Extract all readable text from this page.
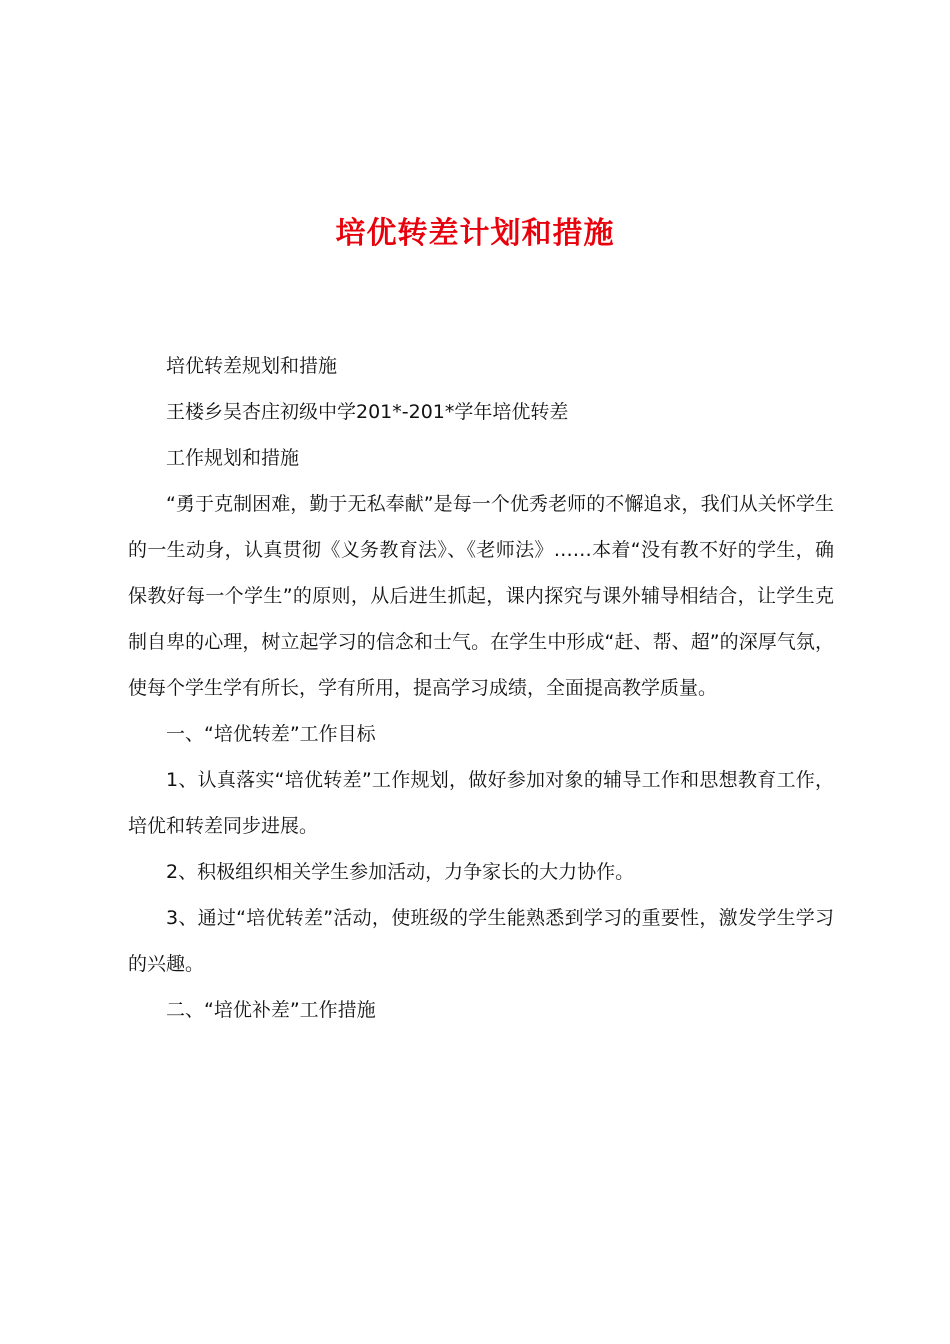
培优转差计划和措施

培优转差规划和措施

王楼乡吴杏庄初级中学201*-201*学年培优转差

工作规划和措施

“勇于克制困难，勤于无私奉献”是每一个优秀老师的不懈追求，我们从关怀学生的一生动身，认真贯彻《义务教育法》、《老师法》……本着“没有教不好的学生，确保教好每一个学生”的原则，从后进生抓起，课内探究与课外辅导相结合，让学生克制自卑的心理，树立起学习的信念和士气。在学生中形成“赶、帮、超”的深厚气氛，使每个学生学有所长，学有所用，提高学习成绩，全面提高教学质量。

一、“培优转差”工作目标

1、认真落实“培优转差”工作规划，做好参加对象的辅导工作和思想教育工作，培优和转差同步进展。

2、积极组织相关学生参加活动，力争家长的大力协作。

3、通过“培优转差”活动，使班级的学生能熟悉到学习的重要性，激发学生学习的兴趣。

二、“培优补差”工作措施
